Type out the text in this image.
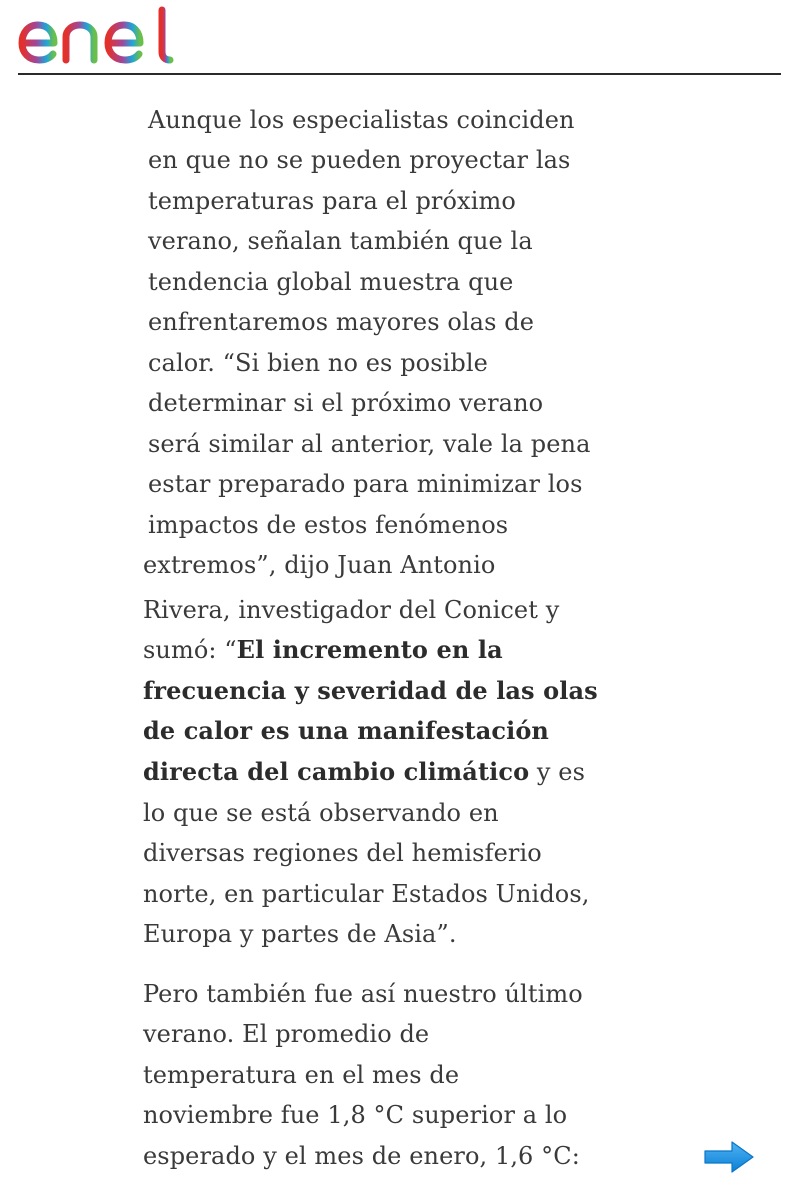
Aunque los especialistas coinciden
en que no se pueden proyectar las
temperaturas para el próximo
verano, señalan también que la
tendencia global muestra que
enfrentaremos mayores olas de
calor. “Si bien no es posible
determinar si el próximo verano
será similar al anterior, vale la pena
estar preparado para minimizar los
impactos de estos fenómenos
extremos”, dijo Juan Antonio
Rivera, investigador del Conicet y
sumó: “El incremento en la
frecuencia y severidad de las olas
de calor es una manifestación
directa del cambio climático y es
lo que se está observando en
diversas regiones del hemisferio
norte, en particular Estados Unidos,
Europa y partes de Asia”.
Pero también fue así nuestro último
verano. El promedio de
temperatura en el mes de
noviembre fue 1,8 °C superior a lo
esperado y el mes de enero, 1,6 °C:
